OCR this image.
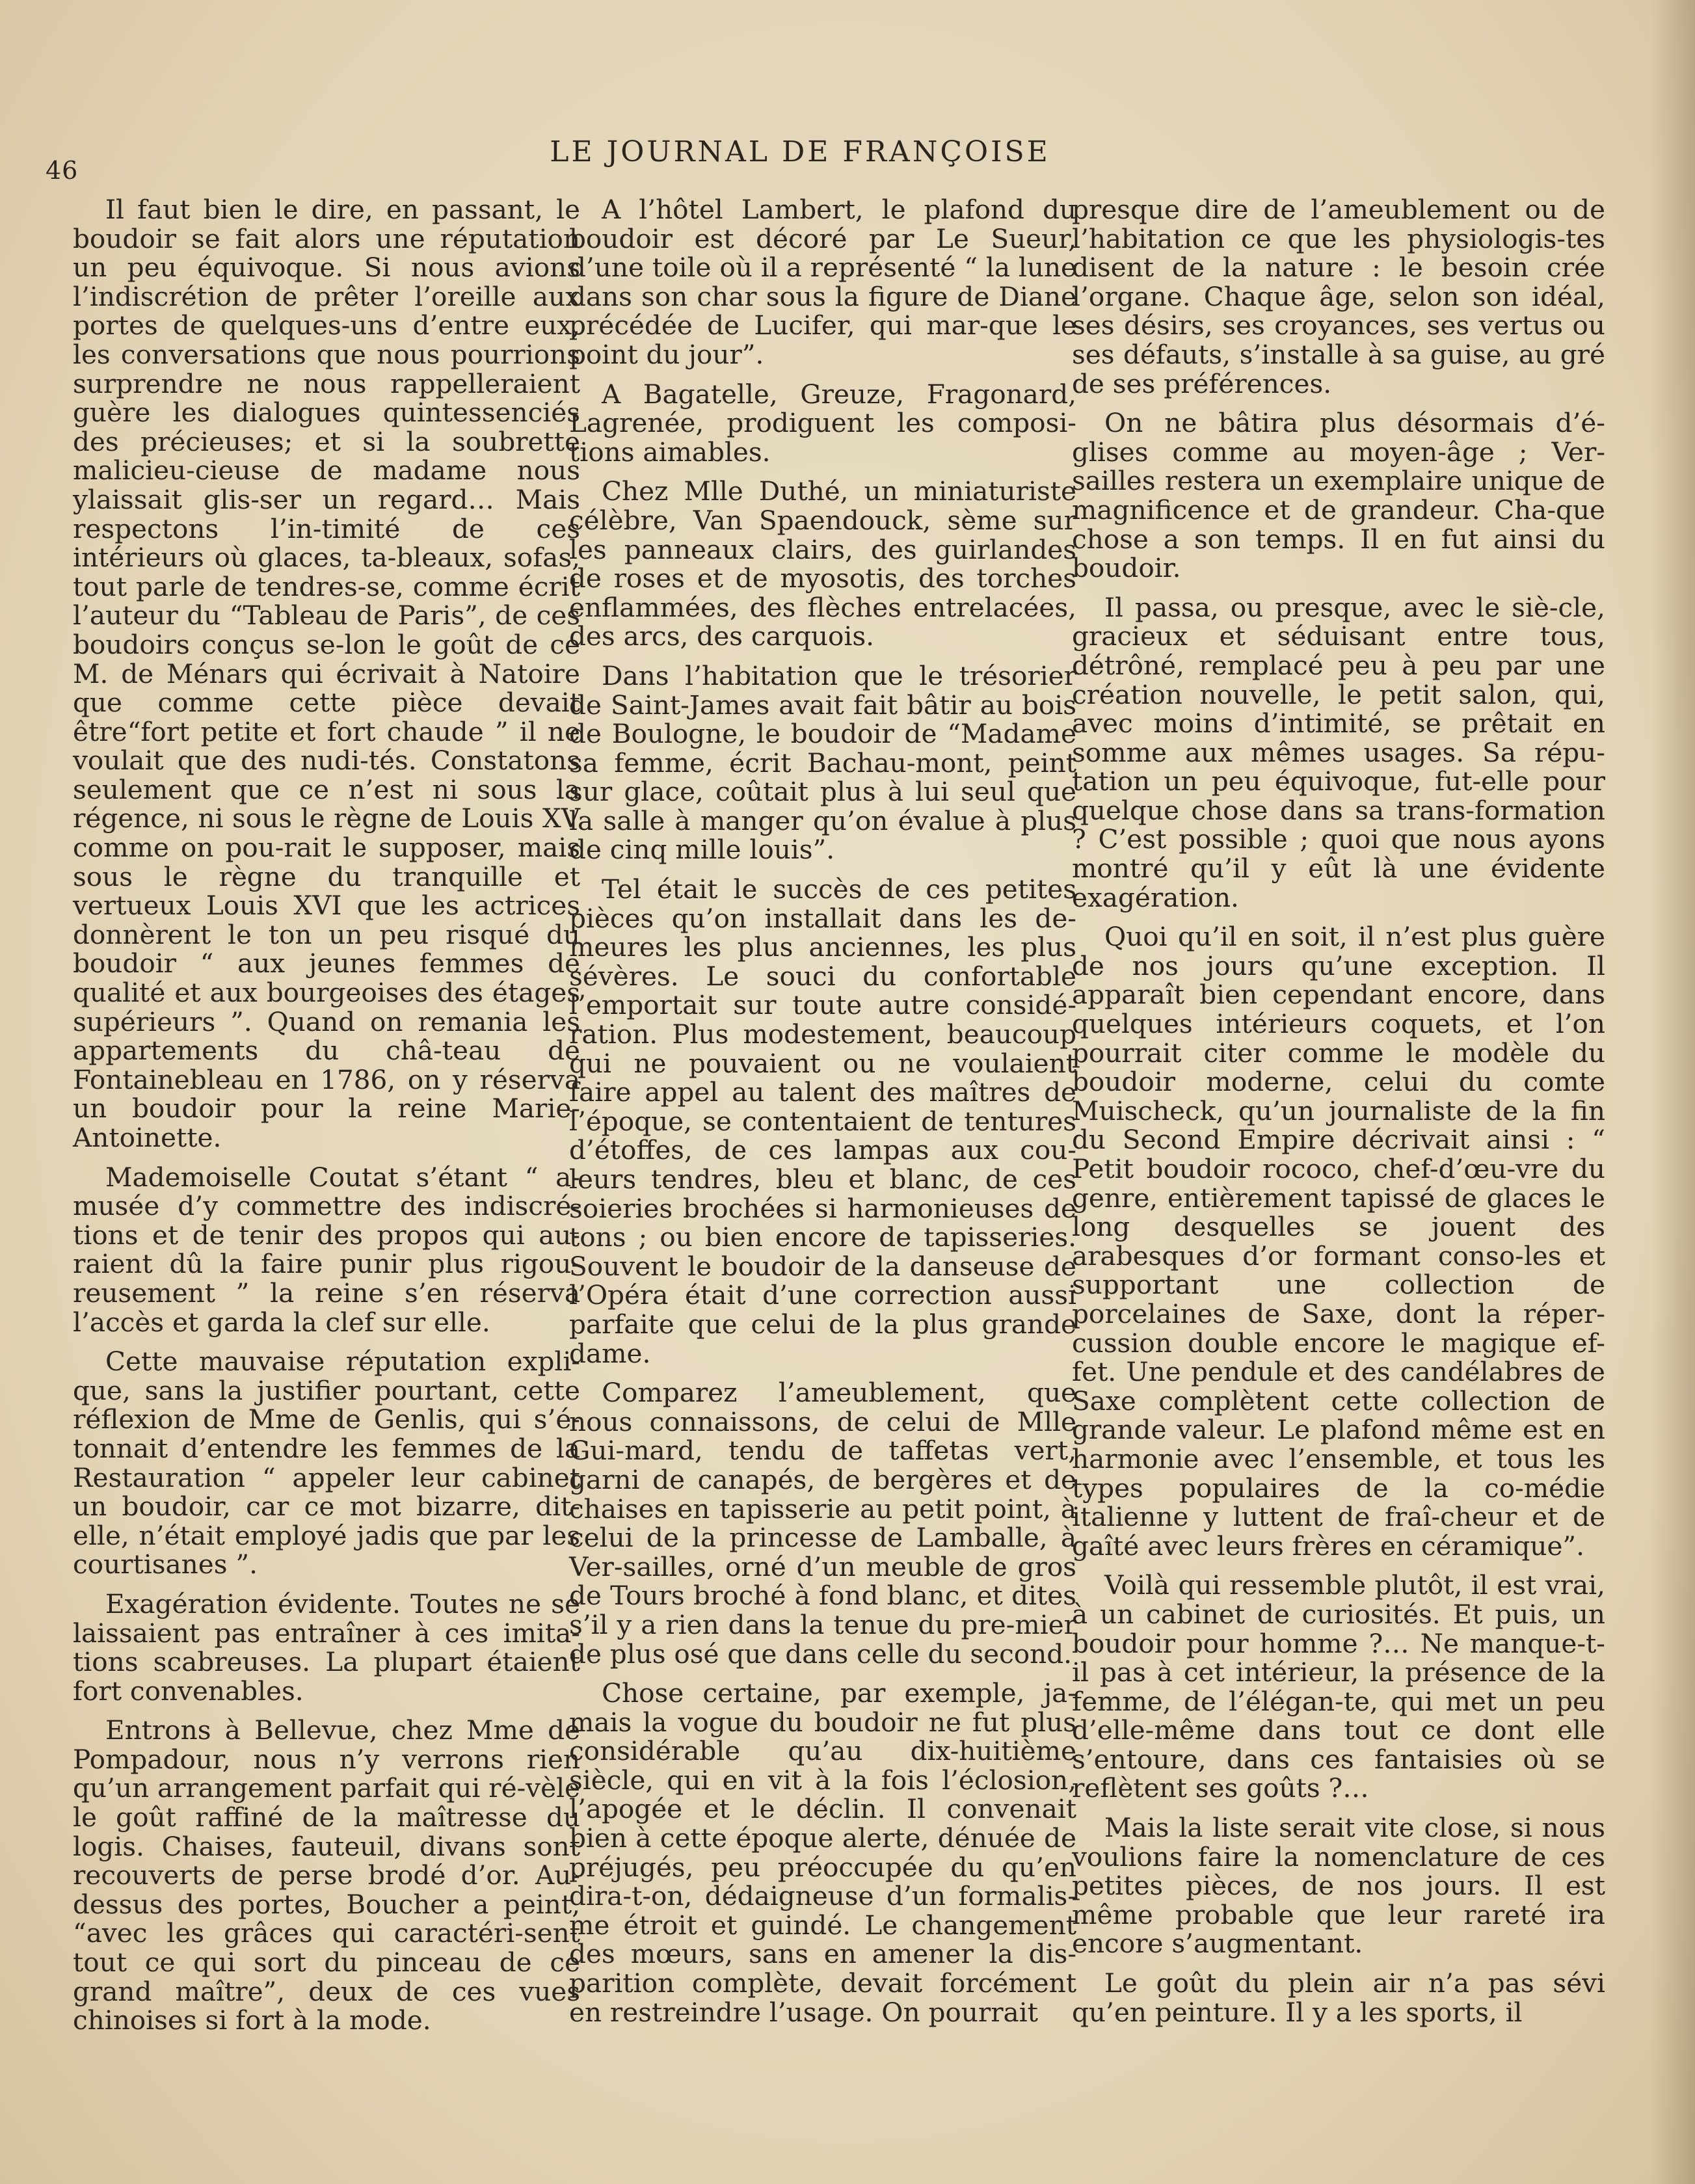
46
LE JOURNAL DE FRANÇOISE

Il faut bien le dire, en passant, le boudoir se fait alors une réputation un peu équivoque. Si nous avions l’indiscrétion de prêter l’oreille aux portes de quelques-uns d’entre eux, les conversations que nous pourrions surprendre ne nous rappelleraient guère les dialogues quintessenciés des précieuses; et si la soubrette malicieu-cieuse de madame nous ylaissait glis-ser un regard… Mais respectons l’in-timité de ces intérieurs où glaces, ta-bleaux, sofas, tout parle de tendres-se, comme écrit l’auteur du “Tableau de Paris”, de ces boudoirs conçus se-lon le goût de ce M. de Ménars qui écrivait à Natoire que comme cette pièce devait être“fort petite et fort chaude ” il ne voulait que des nudi-tés. Constatons seulement que ce n’est ni sous la régence, ni sous le règne de Louis XV comme on pou-rait le supposer, mais sous le règne du tranquille et vertueux Louis XVI que les actrices donnèrent le ton un peu risqué du boudoir “ aux jeunes femmes de qualité et aux bourgeoises des étages supérieurs ”. Quand on remania les appartements du châ-teau de Fontainebleau en 1786, on y réserva un boudoir pour la reine Marie-Antoinette.

Mademoiselle Coutat s’étant “ a-musée d’y commettre des indiscré-tions et de tenir des propos qui au-raient dû la faire punir plus rigou-reusement ” la reine s’en réserva l’accès et garda la clef sur elle.

Cette mauvaise réputation expli-que, sans la justifier pourtant, cette réflexion de Mme de Genlis, qui s’é-tonnait d’entendre les femmes de la Restauration “ appeler leur cabinet un boudoir, car ce mot bizarre, dit-elle, n’était employé jadis que par les courtisanes ”.

Exagération évidente. Toutes ne se laissaient pas entraîner à ces imita-tions scabreuses. La plupart étaient fort convenables.

Entrons à Bellevue, chez Mme de Pompadour, nous n’y verrons rien qu’un arrangement parfait qui ré-vèle le goût raffiné de la maîtresse du logis. Chaises, fauteuil, divans sont recouverts de perse brodé d’or. Au-dessus des portes, Boucher a peint, “avec les grâces qui caractéri-sent tout ce qui sort du pinceau de ce grand maître”, deux de ces vues chinoises si fort à la mode.

A l’hôtel Lambert, le plafond du boudoir est décoré par Le Sueur, d’une toile où il a représenté “ la lune dans son char sous la figure de Diane précédée de Lucifer, qui mar-que le point du jour”.

A Bagatelle, Greuze, Fragonard, Lagrenée, prodiguent les composi-tions aimables.

Chez Mlle Duthé, un miniaturiste célèbre, Van Spaendouck, sème sur les panneaux clairs, des guirlandes de roses et de myosotis, des torches enflammées, des flèches entrelacées, des arcs, des carquois.

Dans l’habitation que le trésorier de Saint-James avait fait bâtir au bois de Boulogne, le boudoir de “Madame sa femme, écrit Bachau-mont, peint sur glace, coûtait plus à lui seul que la salle à manger qu’on évalue à plus de cinq mille louis”.

Tel était le succès de ces petites pièces qu’on installait dans les de-meures les plus anciennes, les plus sévères. Le souci du confortable l’emportait sur toute autre considé-ration. Plus modestement, beaucoup qui ne pouvaient ou ne voulaient faire appel au talent des maîtres de l’époque, se contentaient de tentures d’étoffes, de ces lampas aux cou-leurs tendres, bleu et blanc, de ces soieries brochées si harmonieuses de tons ; ou bien encore de tapisseries. Souvent le boudoir de la danseuse de l’Opéra était d’une correction aussi parfaite que celui de la plus grande dame.

Comparez l’ameublement, que nous connaissons, de celui de Mlle Gui-mard, tendu de taffetas vert, garni de canapés, de bergères et de chaises en tapisserie au petit point, à celui de la princesse de Lamballe, à Ver-sailles, orné d’un meuble de gros de Tours broché à fond blanc, et dites s’il y a rien dans la tenue du pre-mier de plus osé que dans celle du second.

Chose certaine, par exemple, ja-mais la vogue du boudoir ne fut plus considérable qu’au dix-huitième siècle, qui en vit à la fois l’éclosion, l’apogée et le déclin. Il convenait bien à cette époque alerte, dénuée de préjugés, peu préoccupée du qu’en dira-t-on, dédaigneuse d’un formalis-me étroit et guindé. Le changement des mœurs, sans en amener la dis-parition complète, devait forcément en restreindre l’usage. On pourrait

presque dire de l’ameublement ou de l’habitation ce que les physiologis-tes disent de la nature : le besoin crée l’organe. Chaque âge, selon son idéal, ses désirs, ses croyances, ses vertus ou ses défauts, s’installe à sa guise, au gré de ses préférences.

On ne bâtira plus désormais d’é-glises comme au moyen-âge ; Ver-sailles restera un exemplaire unique de magnificence et de grandeur. Cha-que chose a son temps. Il en fut ainsi du boudoir.

Il passa, ou presque, avec le siè-cle, gracieux et séduisant entre tous, détrôné, remplacé peu à peu par une création nouvelle, le petit salon, qui, avec moins d’intimité, se prêtait en somme aux mêmes usages. Sa répu-tation un peu équivoque, fut-elle pour quelque chose dans sa trans-formation ? C’est possible ; quoi que nous ayons montré qu’il y eût là une évidente exagération.

Quoi qu’il en soit, il n’est plus guère de nos jours qu’une exception. Il apparaît bien cependant encore, dans quelques intérieurs coquets, et l’on pourrait citer comme le modèle du boudoir moderne, celui du comte Muischeck, qu’un journaliste de la fin du Second Empire décrivait ainsi : “ Petit boudoir rococo, chef-d’œu-vre du genre, entièrement tapissé de glaces le long desquelles se jouent des arabesques d’or formant conso-les et supportant une collection de porcelaines de Saxe, dont la réper-cussion double encore le magique ef-fet. Une pendule et des candélabres de Saxe complètent cette collection de grande valeur. Le plafond même est en harmonie avec l’ensemble, et tous les types populaires de la co-médie italienne y luttent de fraî-cheur et de gaîté avec leurs frères en céramique”.

Voilà qui ressemble plutôt, il est vrai, à un cabinet de curiosités. Et puis, un boudoir pour homme ?… Ne manque-t-il pas à cet intérieur, la présence de la femme, de l’élégan-te, qui met un peu d’elle-même dans tout ce dont elle s’entoure, dans ces fantaisies où se reflètent ses goûts ?…

Mais la liste serait vite close, si nous voulions faire la nomenclature de ces petites pièces, de nos jours. Il est même probable que leur rareté ira encore s’augmentant.

Le goût du plein air n’a pas sévi qu’en peinture. Il y a les sports, il
